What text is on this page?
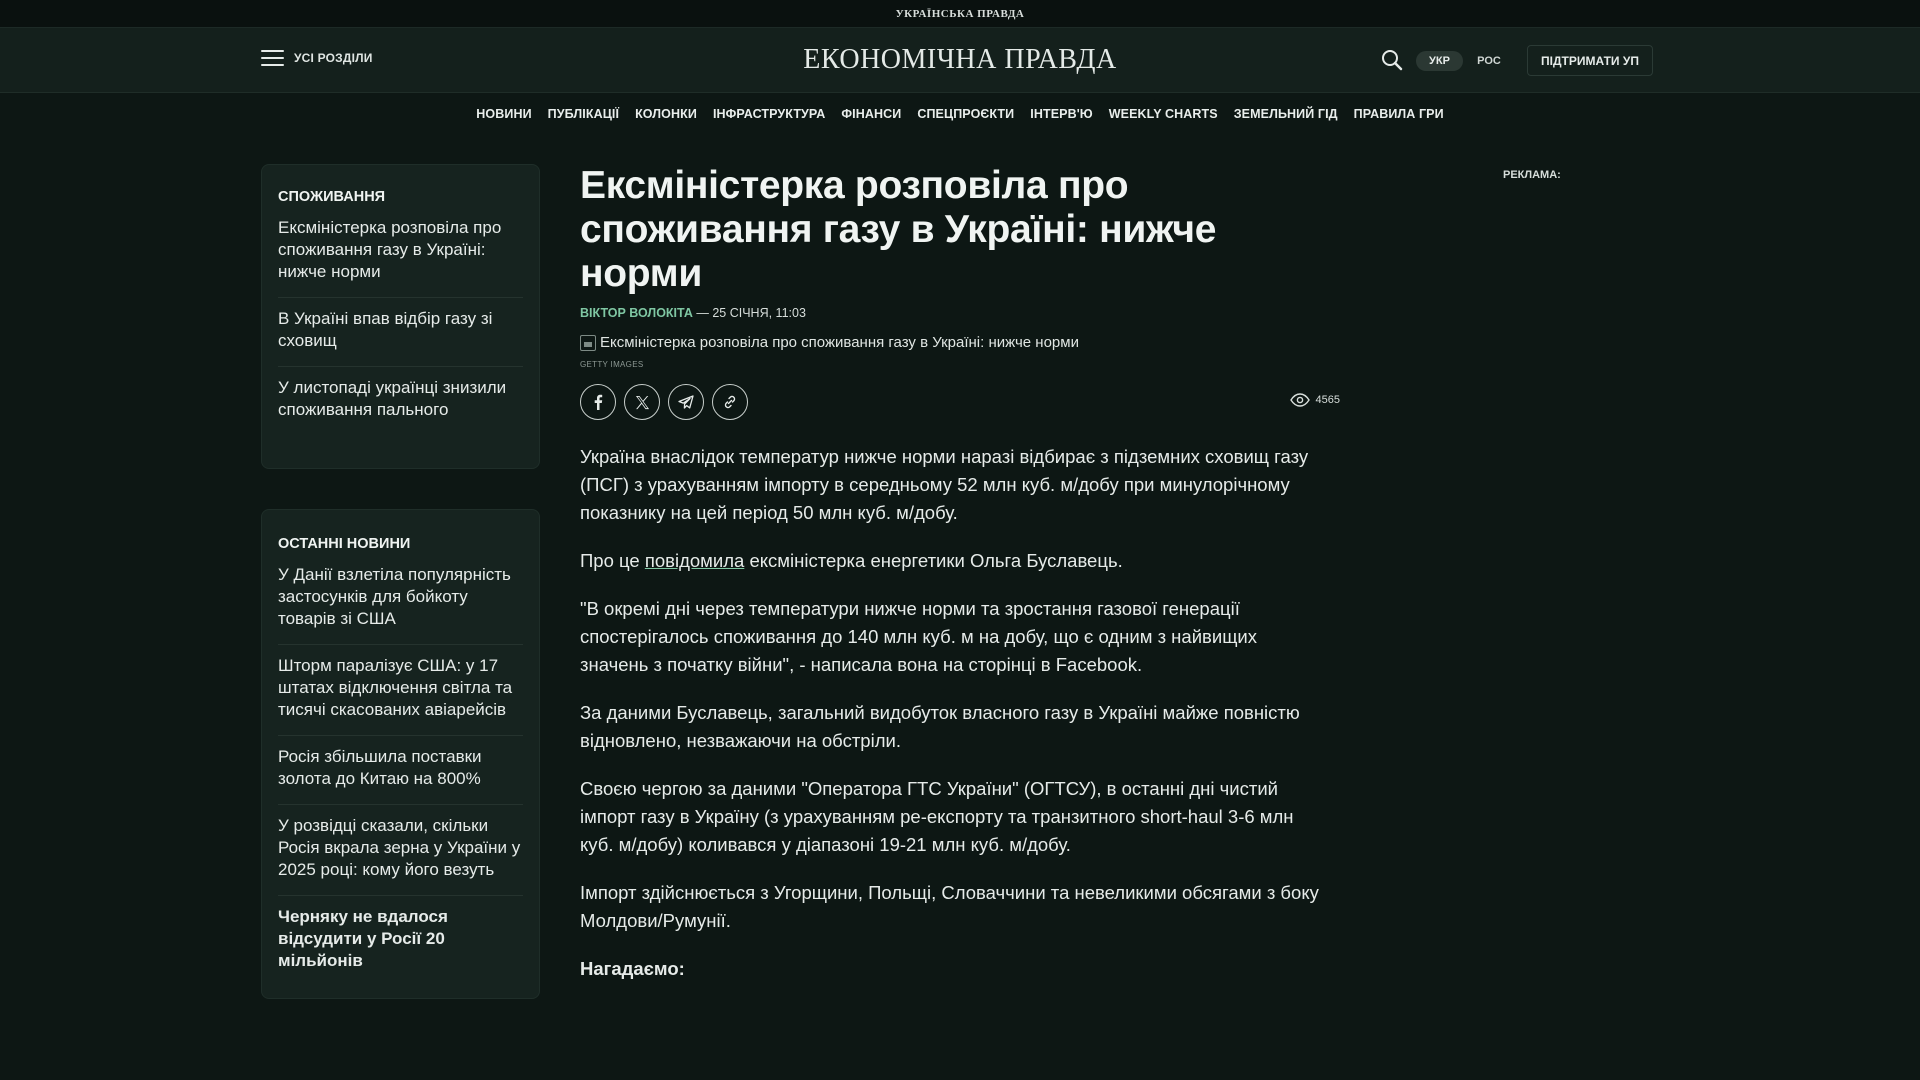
УКРАЇНСЬКА ПРАВДА
УСІ РОЗДІЛИ	ЕКОНОМІЧНА ПРАВДА	УКР	РОС	ПІДТРИМАТИ УП
НОВИНИ ПУБЛІКАЦІЇ КОЛОНКИ ІНФРАСТРУКТУРА ФІНАНСИ СПЕЦПРОЄКТИ ІНТЕРВ'Ю WEEKLY CHARTS ЗЕМЕЛЬНИЙ ГІД ПРАВИЛА ГРИ
СПОЖИВАННЯ
Ексміністерка розповіла про споживання газу в Україні: нижче норми
В Україні впав відбір газу зі сховищ
У листопаді українці знизили споживання пального
ОСТАННІ НОВИНИ
У Данії взлетіла популярність застосунків для бойкоту товарів зі США
Шторм паралізує США: у 17 штатах відключення світла та тисячі скасованих авіарейсів
Росія збільшила поставки золота до Китаю на 800%
У розвідці сказали, скільки Росія вкрала зерна у України у 2025 році: кому його везуть
Черняку не вдалося відсудити у Росії 20 мільйонів
Ексміністерка розповіла про споживання газу в Україні: нижче норми
ВІКТОР ВОЛОКІТА — 25 СІЧНЯ, 11:03
Ексміністерка розповіла про споживання газу в Україні: нижче норми
GETTY IMAGES
4565

Україна внаслідок температур нижче норми наразі відбирає з підземних сховищ газу (ПСГ) з урахуванням імпорту в середньому 52 млн куб. м/добу при минулорічному показнику на цей період 50 млн куб. м/добу.

Про це повідомила ексміністерка енергетики Ольга Буславець.

"В окремі дні через температури нижче норми та зростання газової генерації спостерігалось споживання до 140 млн куб. м на добу, що є одним з найвищих значень з початку війни", - написала вона на сторінці в Facebook.

За даними Буславець, загальний видобуток власного газу в Україні майже повністю відновлено, незважаючи на обстріли.

Своєю чергою за даними "Оператора ГТС України" (ОГТСУ), в останні дні чистий імпорт газу в Україну (з урахуванням ре-експорту та транзитного short-haul 3-6 млн куб. м/добу) коливався у діапазоні 19-21 млн куб. м/добу.

Імпорт здійснюється з Угорщини, Польщі, Словаччини та невеликими обсягами з боку Молдови/Румунії.

Нагадаємо:

РЕКЛАМА:
